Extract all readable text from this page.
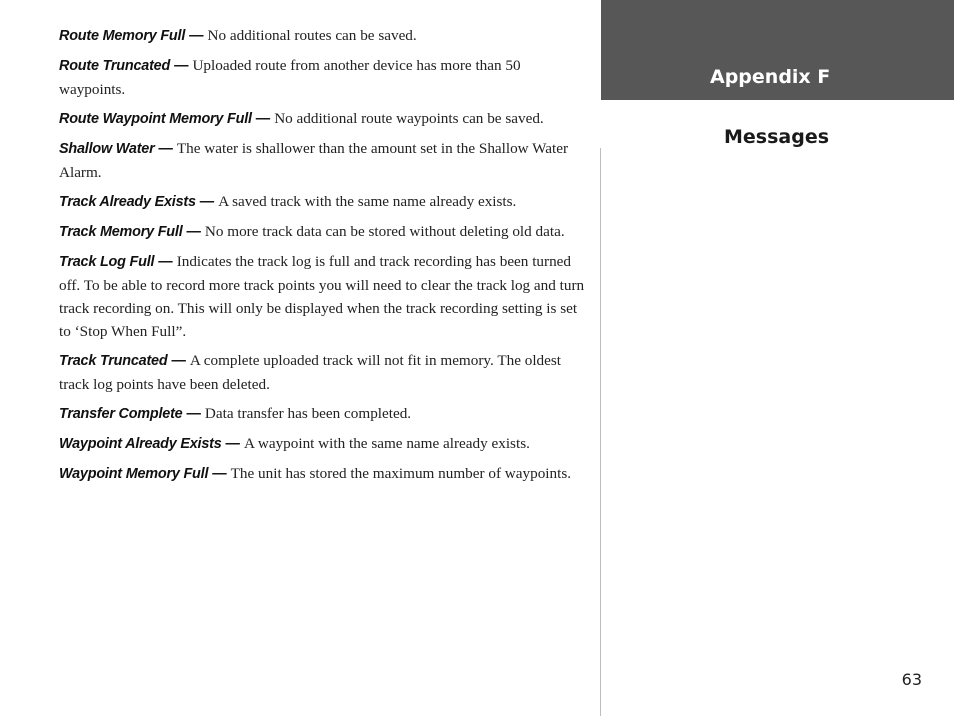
Route Memory Full — No additional routes can be saved.

Route Truncated — Uploaded route from another device has more than 50 waypoints.

Route Waypoint Memory Full — No additional route waypoints can be saved.

Shallow Water — The water is shallower than the amount set in the Shallow Water Alarm.

Track Already Exists — A saved track with the same name already exists.

Track Memory Full — No more track data can be stored without deleting old data.

Track Log Full — Indicates the track log is full and track recording has been turned off. To be able to record more track points you will need to clear the track log and turn track recording on. This will only be displayed when the track recording setting is set to ‘Stop When Full”.

Track Truncated — A complete uploaded track will not fit in memory. The oldest track log points have been deleted.

Transfer Complete — Data transfer has been completed.

Waypoint Already Exists — A waypoint with the same name already exists.

Waypoint Memory Full — The unit has stored the maximum number of waypoints.

Appendix F
Messages
63
